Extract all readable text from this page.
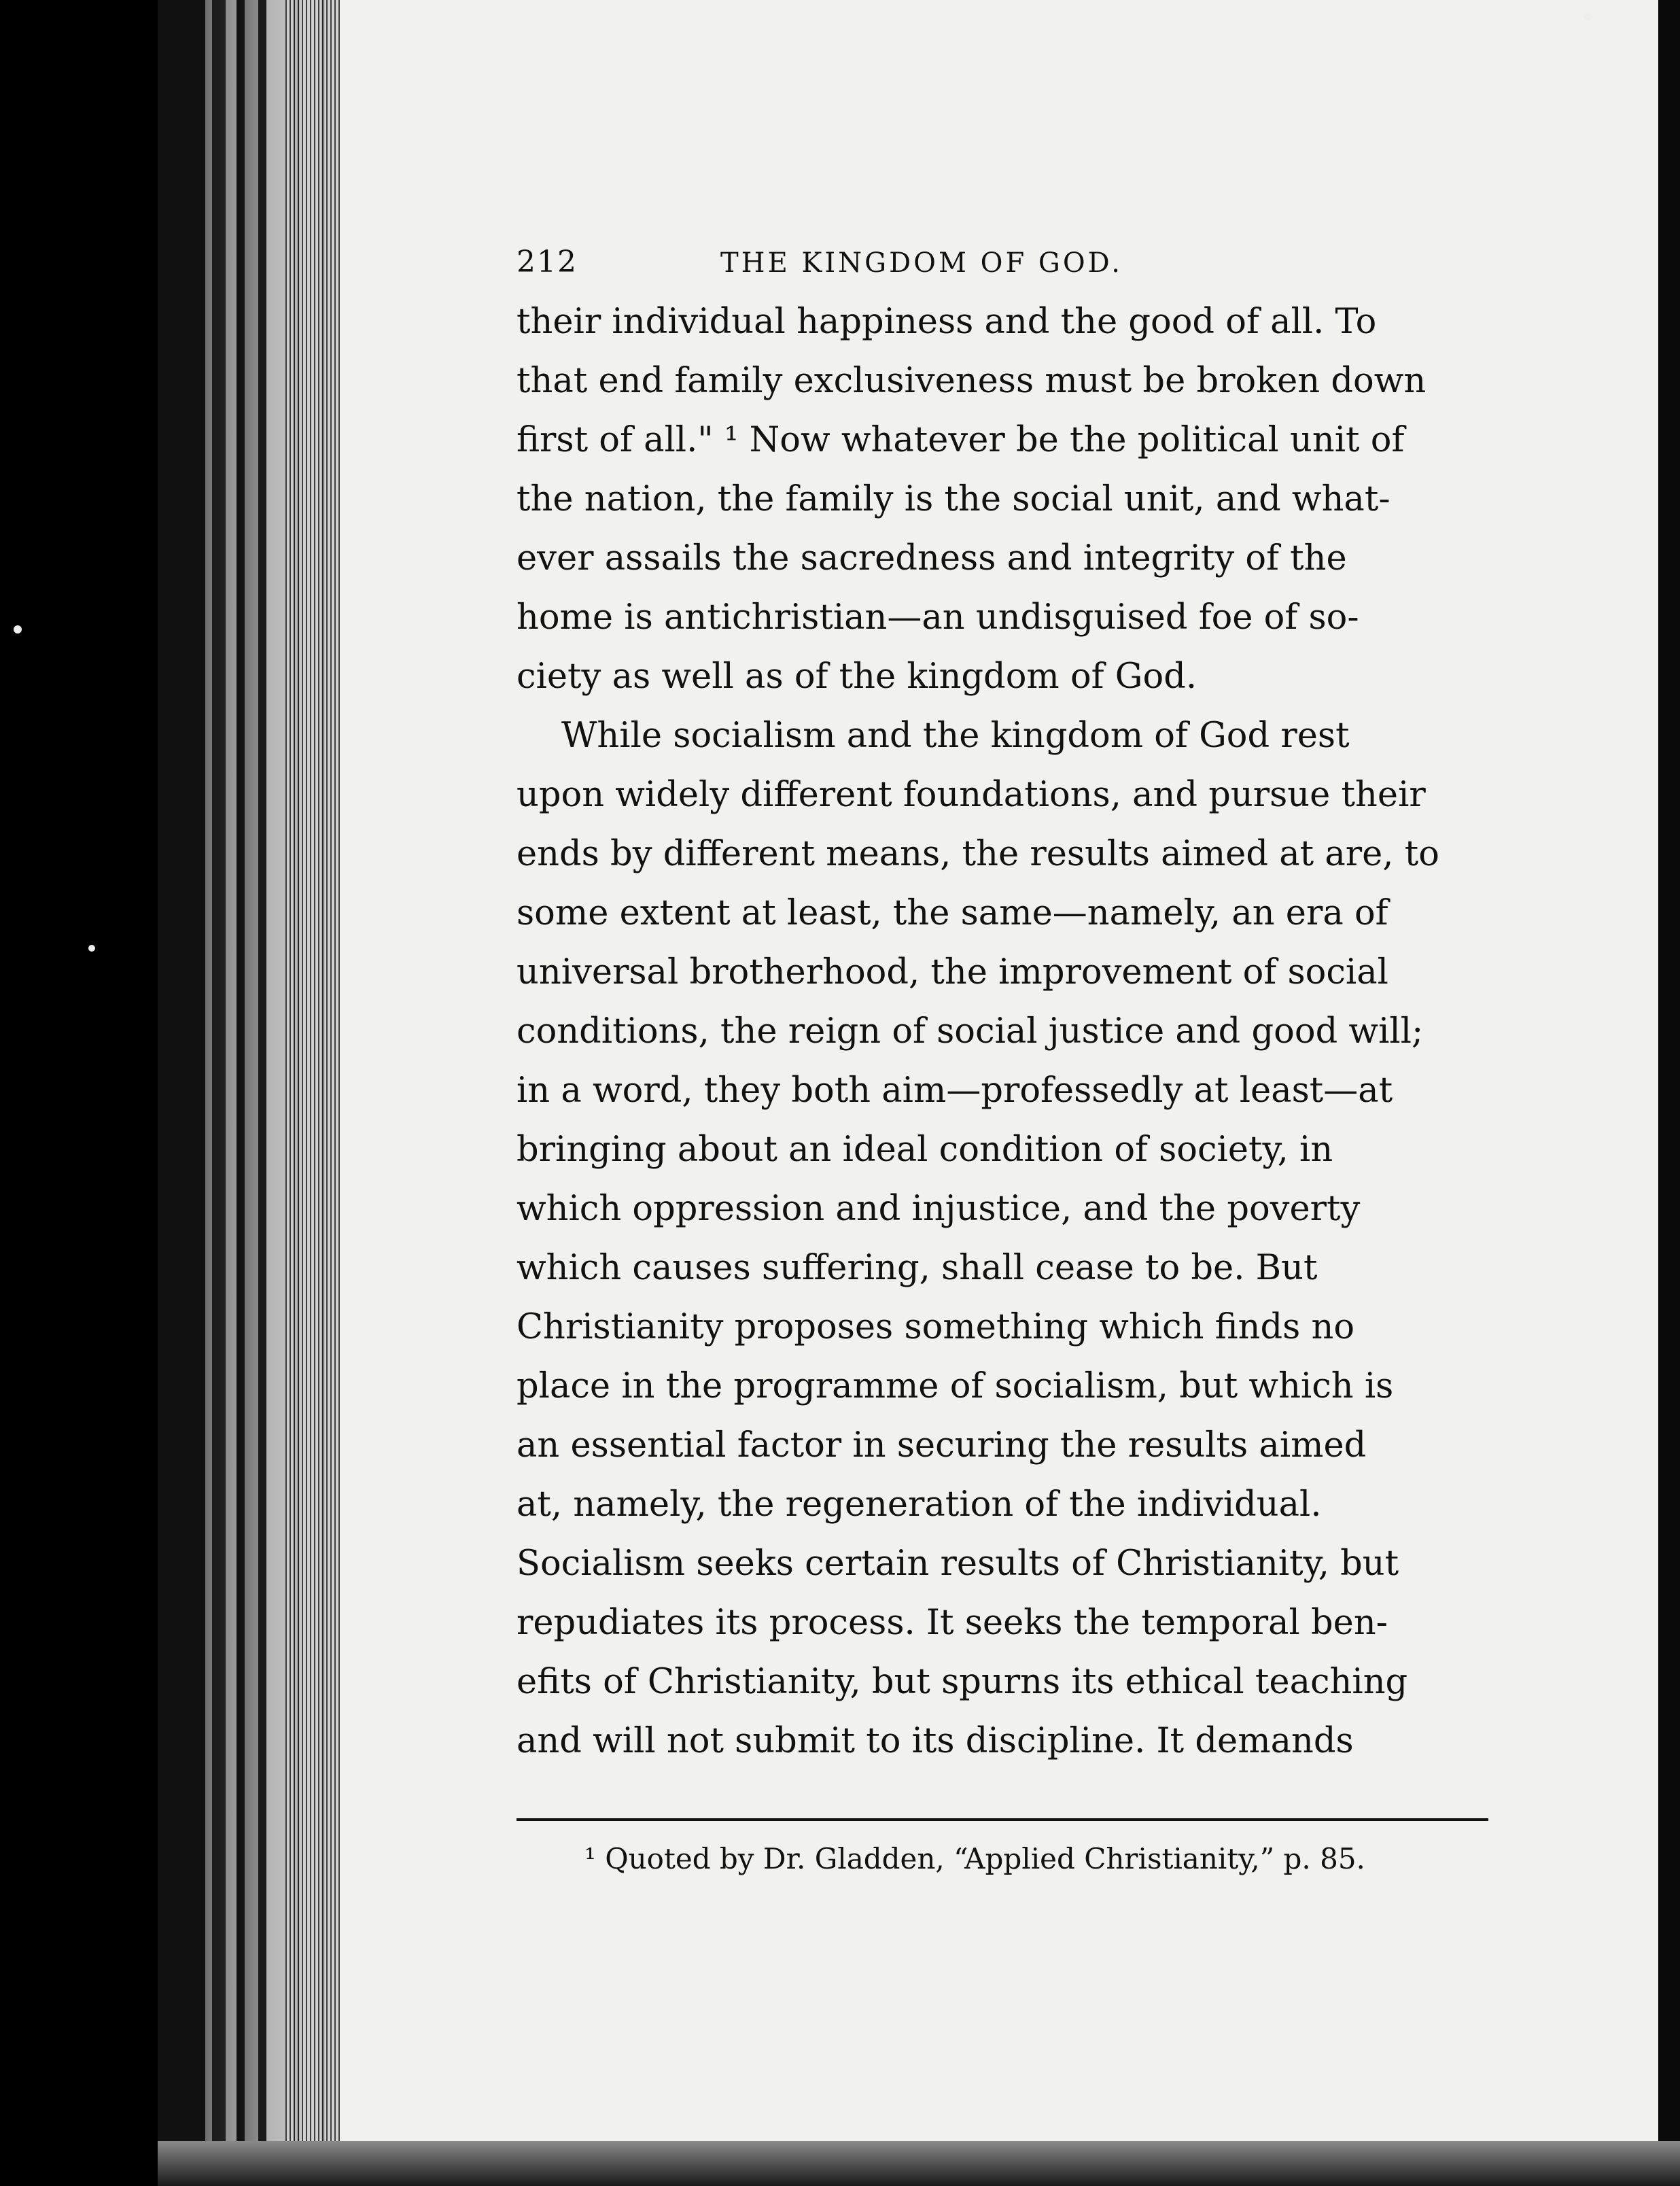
212	THE KINGDOM OF GOD.

their individual happiness and the good of all. To
that end family exclusiveness must be broken down
first of all." ¹ Now whatever be the political unit of
the nation, the family is the social unit, and what-
ever assails the sacredness and integrity of the
home is antichristian—an undisguised foe of so-
ciety as well as of the kingdom of God.

While socialism and the kingdom of God rest
upon widely different foundations, and pursue their
ends by different means, the results aimed at are, to
some extent at least, the same—namely, an era of
universal brotherhood, the improvement of social
conditions, the reign of social justice and good will;
in a word, they both aim—professedly at least—at
bringing about an ideal condition of society, in
which oppression and injustice, and the poverty
which causes suffering, shall cease to be. But
Christianity proposes something which finds no
place in the programme of socialism, but which is
an essential factor in securing the results aimed
at, namely, the regeneration of the individual.
Socialism seeks certain results of Christianity, but
repudiates its process. It seeks the temporal ben-
efits of Christianity, but spurns its ethical teaching
and will not submit to its discipline. It demands

¹ Quoted by Dr. Gladden, “Applied Christianity,” p. 85.
